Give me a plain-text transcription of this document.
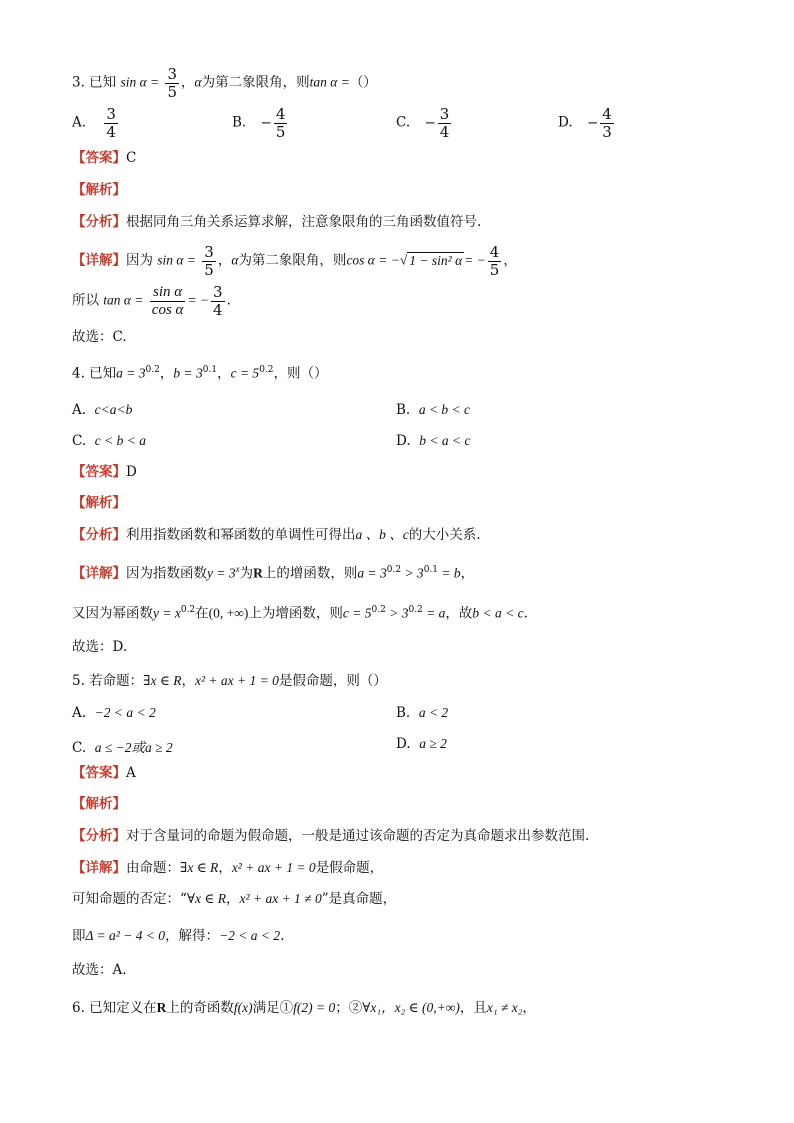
3. 已知 $\sin \alpha = \frac{3}{5}$ ，α为第二象限角，则tan α =（）
A. $\frac{3}{4}$	B. − $\frac{4}{5}$	C. − $\frac{3}{4}$	D. − $\frac{4}{3}$
【答案】C
【解析】
【分析】根据同角三角关系运算求解，注意象限角的三角函数值符号.
【详解】因为 $\sin \alpha = \frac{3}{5}$ ，α为第二象限角，则cos α = −√ 1 − sin² α = − $\frac{4}{5}$ ，
所以 $\tan \alpha = \frac{\text{sin α}}{\text{cos α}}$ = − $\frac{3}{4}$ .
故选：C.
4. 已知$a = 3^{0.2}$，$b = 3^{0.1}$，$c = 5^{0.2}$，则（）
A. c<a<b	B. a < b < c
C. c < b < a	D. b < a < c
【答案】D
【解析】
【分析】利用指数函数和幂函数的单调性可得出a 、b 、c的大小关系.
【详解】因为指数函数$y = 3^x$为R上的增函数，则$a = 3^{0.2} > 3^{0.1} = b$，
又因为幂函数$y = x^{0.2}$在(0, +∞)上为增函数，则$c = 5^{0.2} > 3^{0.2} = a$，故b < a < c.
故选：D.
5. 若命题：∃x ∈ R，x² + ax + 1 = 0是假命题，则（）
A. −2 < a < 2	B. a < 2
C. a ≤ −2或a ≥ 2	D. a ≥ 2
【答案】A
【解析】
【分析】对于含量词的命题为假命题，一般是通过该命题的否定为真命题求出参数范围.
【详解】由命题：∃x ∈ R，x² + ax + 1 = 0是假命题，
可知命题的否定：“∀x ∈ R，x² + ax + 1 ≠ 0”是真命题，
即Δ = a² − 4 < 0，解得：−2 < a < 2.
故选：A.
6. 已知定义在R上的奇函数f(x)满足①f(2) = 0；②∀x₁，x₂ ∈ (0,+∞)，且x₁ ≠ x₂，
